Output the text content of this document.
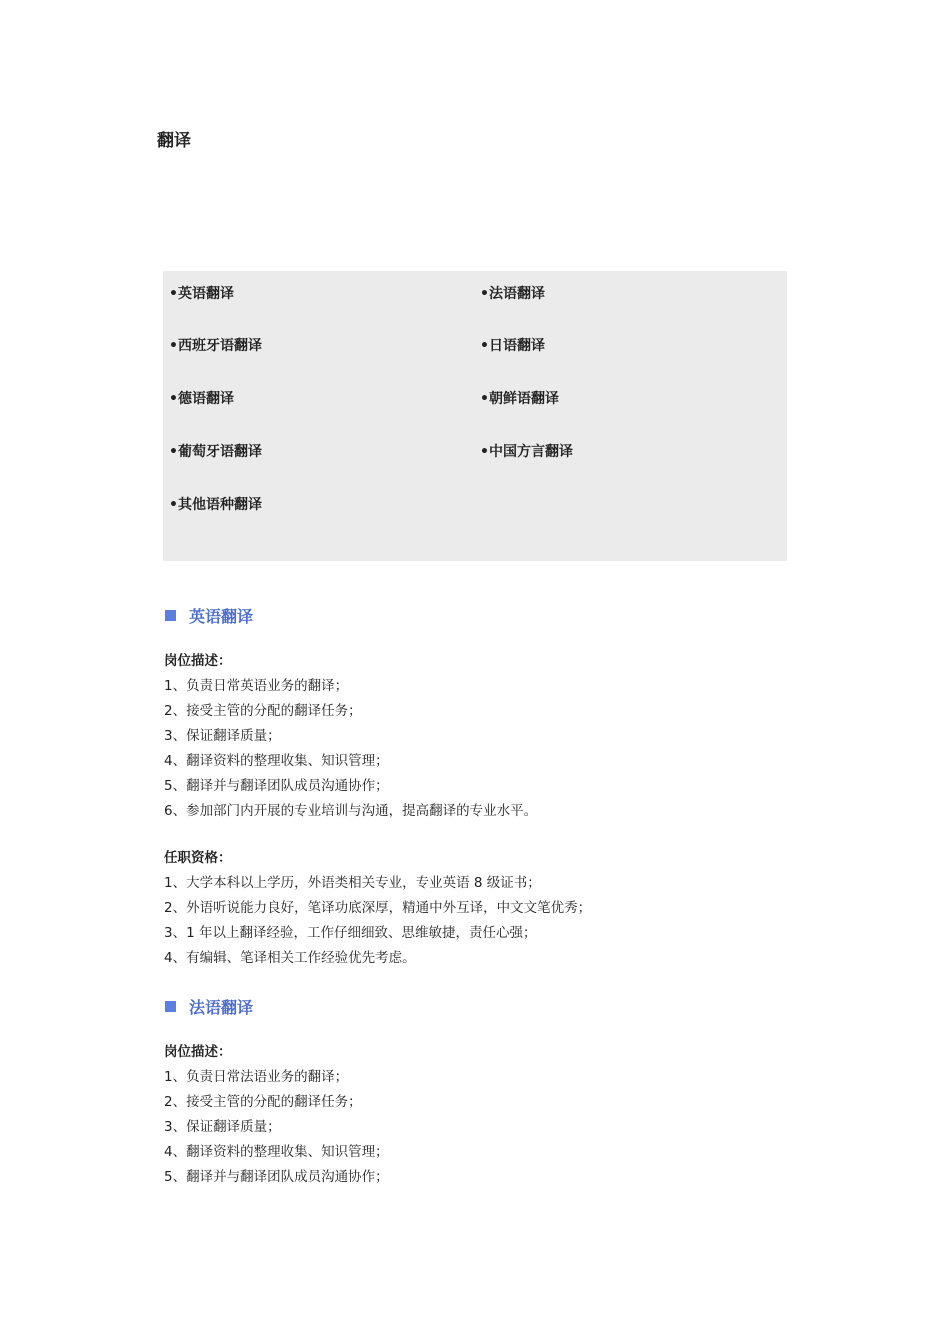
翻译
•英语翻译
•西班牙语翻译
•德语翻译
•葡萄牙语翻译
•其他语种翻译
•法语翻译
•日语翻译
•朝鲜语翻译
•中国方言翻译
英语翻译
岗位描述：
1、负责日常英语业务的翻译；
2、接受主管的分配的翻译任务；
3、保证翻译质量；
4、翻译资料的整理收集、知识管理；
5、翻译并与翻译团队成员沟通协作；
6、参加部门内开展的专业培训与沟通，提高翻译的专业水平。
任职资格：
1、大学本科以上学历，外语类相关专业，专业英语 8 级证书；
2、外语听说能力良好，笔译功底深厚，精通中外互译，中文文笔优秀；
3、1 年以上翻译经验，工作仔细细致、思维敏捷，责任心强；
4、有编辑、笔译相关工作经验优先考虑。
法语翻译
岗位描述：
1、负责日常法语业务的翻译；
2、接受主管的分配的翻译任务；
3、保证翻译质量；
4、翻译资料的整理收集、知识管理；
5、翻译并与翻译团队成员沟通协作；
